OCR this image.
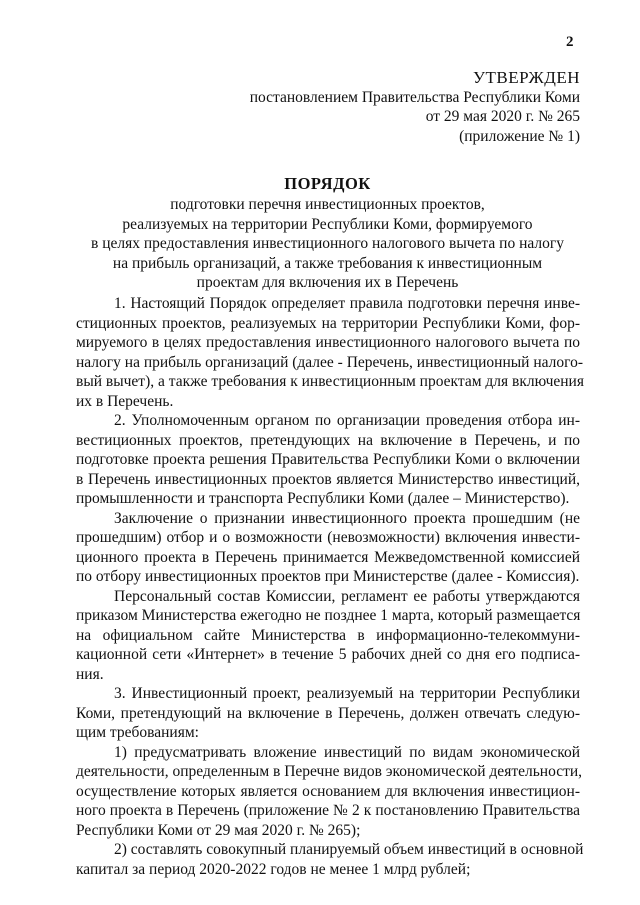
2
УТВЕРЖДЕН
постановлением Правительства Республики Коми
от 29 мая 2020 г. № 265
(приложение № 1)
ПОРЯДОК
подготовки перечня инвестиционных проектов,
реализуемых на территории Республики Коми, формируемого
в целях предоставления инвестиционного налогового вычета по налогу
на прибыль организаций, а также требования к инвестиционным
проектам для включения их в Перечень
1. Настоящий Порядок определяет правила подготовки перечня инве-
стиционных проектов, реализуемых на территории Республики Коми, фор-
мируемого в целях предоставления инвестиционного налогового вычета по
налогу на прибыль организаций (далее - Перечень, инвестиционный налого-
вый вычет), а также требования к инвестиционным проектам для включения
их в Перечень.
2. Уполномоченным органом по организации проведения отбора ин-
вестиционных проектов, претендующих на включение в Перечень, и по
подготовке проекта решения Правительства Республики Коми о включении
в Перечень инвестиционных проектов является Министерство инвестиций,
промышленности и транспорта Республики Коми (далее – Министерство).
Заключение о признании инвестиционного проекта прошедшим (не
прошедшим) отбор и о возможности (невозможности) включения инвести-
ционного проекта в Перечень принимается Межведомственной комиссией
по отбору инвестиционных проектов при Министерстве (далее - Комиссия).
Персональный состав Комиссии, регламент ее работы утверждаются
приказом Министерства ежегодно не позднее 1 марта, который размещается
на официальном сайте Министерства в информационно-телекоммуни-
кационной сети «Интернет» в течение 5 рабочих дней со дня его подписа-
ния.
3. Инвестиционный проект, реализуемый на территории Республики
Коми, претендующий на включение в Перечень, должен отвечать следую-
щим требованиям:
1) предусматривать вложение инвестиций по видам экономической
деятельности, определенным в Перечне видов экономической деятельности,
осуществление которых является основанием для включения инвестицион-
ного проекта в Перечень (приложение № 2 к постановлению Правительства
Республики Коми от 29 мая 2020 г. № 265);
2) составлять совокупный планируемый объем инвестиций в основной
капитал за период 2020-2022 годов не менее 1 млрд рублей;
